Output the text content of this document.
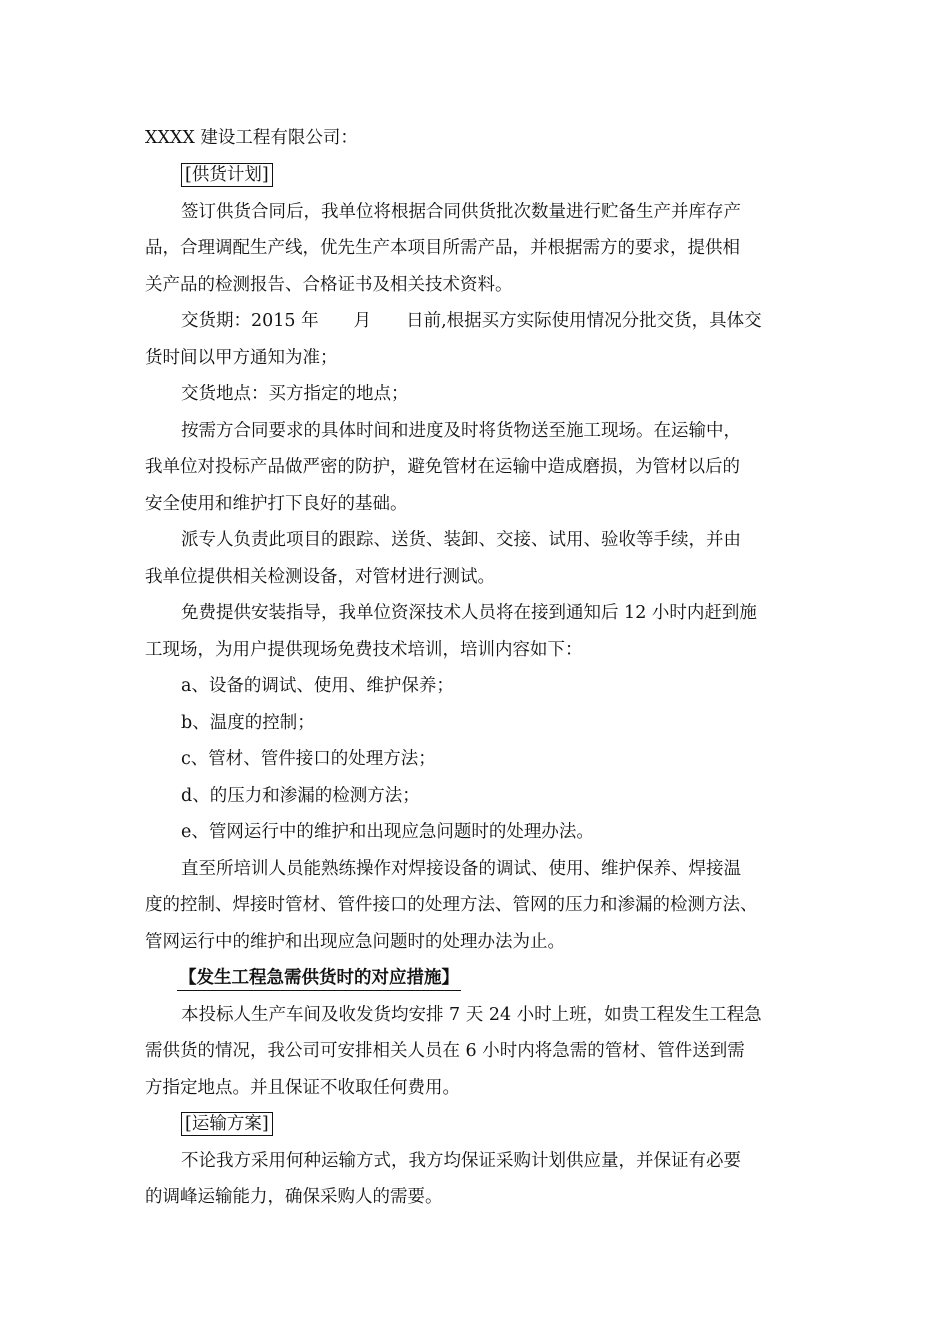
XXXX 建设工程有限公司：
[供货计划]
签订供货合同后，我单位将根据合同供货批次数量进行贮备生产并库存产
品，合理调配生产线，优先生产本项目所需产品，并根据需方的要求，提供相
关产品的检测报告、合格证书及相关技术资料。
交货期：2015 年　　月　　日前,根据买方实际使用情况分批交货，具体交
货时间以甲方通知为准；
交货地点：买方指定的地点；
按需方合同要求的具体时间和进度及时将货物送至施工现场。在运输中，
我单位对投标产品做严密的防护，避免管材在运输中造成磨损，为管材以后的
安全使用和维护打下良好的基础。
派专人负责此项目的跟踪、送货、装卸、交接、试用、验收等手续，并由
我单位提供相关检测设备，对管材进行测试。
免费提供安装指导，我单位资深技术人员将在接到通知后 12 小时内赶到施
工现场，为用户提供现场免费技术培训，培训内容如下：
a、设备的调试、使用、维护保养；
b、温度的控制；
c、管材、管件接口的处理方法；
d、的压力和渗漏的检测方法；
e、管网运行中的维护和出现应急问题时的处理办法。
直至所培训人员能熟练操作对焊接设备的调试、使用、维护保养、焊接温
度的控制、焊接时管材、管件接口的处理方法、管网的压力和渗漏的检测方法、
管网运行中的维护和出现应急问题时的处理办法为止。
【发生工程急需供货时的对应措施】
本投标人生产车间及收发货均安排 7 天 24 小时上班，如贵工程发生工程急
需供货的情况，我公司可安排相关人员在 6 小时内将急需的管材、管件送到需
方指定地点。并且保证不收取任何费用。
[运输方案]
不论我方采用何种运输方式，我方均保证采购计划供应量，并保证有必要
的调峰运输能力，确保采购人的需要。
